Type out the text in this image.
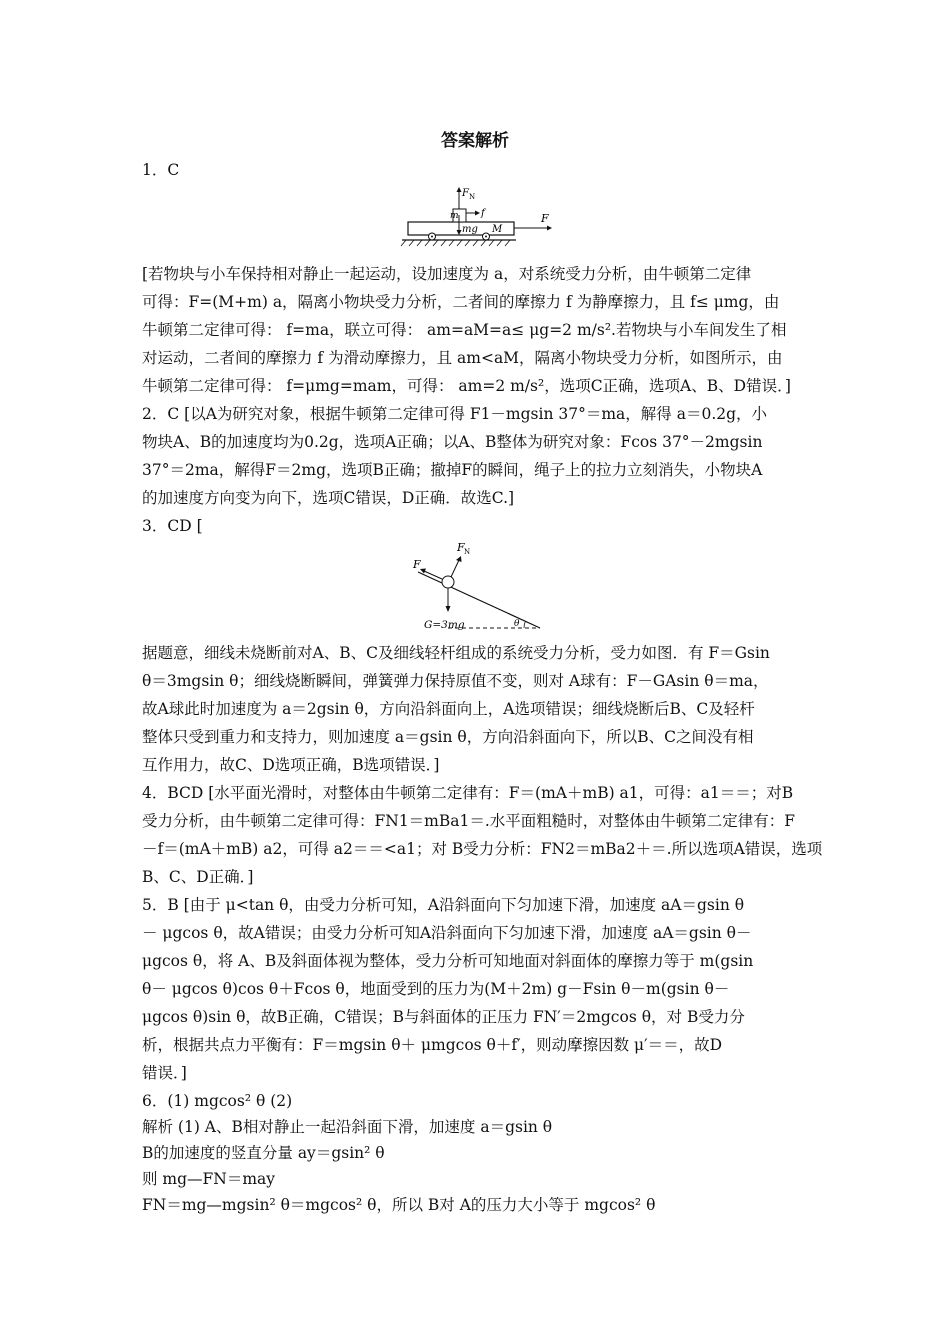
答案解析
F N
f
m
mg M
F
F
F N
G=3mg	θ
1．C
[若物块与小车保持相对静止一起运动，设加速度为 a，对系统受力分析，由牛顿第二定律
可得：F=(M+m) a，隔离小物块受力分析，二者间的摩擦力 f 为静摩擦力，且 f≤ μmg，由
牛顿第二定律可得： f=ma，联立可得： am=aM=a≤ μg=2 m/s².若物块与小车间发生了相
对运动，二者间的摩擦力 f 为滑动摩擦力，且 am<aM，隔离小物块受力分析，如图所示，由
牛顿第二定律可得： f=μmg=mam，可得： am=2 m/s²，选项C正确，选项A、B、D错误．]
2．C [以A为研究对象，根据牛顿第二定律可得 F1－mgsin 37°＝ma，解得 a＝0.2g，小
物块A、B的加速度均为0.2g，选项A正确；以A、B整体为研究对象：Fcos 37°－2mgsin
37°＝2ma，解得F＝2mg，选项B正确；撤掉F的瞬间，绳子上的拉力立刻消失，小物块A
的加速度方向变为向下，选项C错误，D正确．故选C.]
3．CD [
据题意，细线未烧断前对A、B、C及细线轻杆组成的系统受力分析，受力如图．有 F＝Gsin
θ＝3mgsin θ；细线烧断瞬间，弹簧弹力保持原值不变，则对 A球有：F－GAsin θ＝ma，
故A球此时加速度为 a＝2gsin θ，方向沿斜面向上，A选项错误；细线烧断后B、C及轻杆
整体只受到重力和支持力，则加速度 a＝gsin θ，方向沿斜面向下，所以B、C之间没有相
互作用力，故C、D选项正确，B选项错误．]
4．BCD [水平面光滑时，对整体由牛顿第二定律有：F＝(mA＋mB) a1，可得：a1＝＝；对B
受力分析，由牛顿第二定律可得：FN1＝mBa1＝.水平面粗糙时，对整体由牛顿第二定律有：F
－f＝(mA＋mB) a2，可得 a2＝＝<a1；对 B受力分析：FN2＝mBa2＋＝.所以选项A错误，选项
B、C、D正确．]
5．B [由于 μ<tan θ，由受力分析可知，A沿斜面向下匀加速下滑，加速度 aA＝gsin θ
－ μgcos θ，故A错误；由受力分析可知A沿斜面向下匀加速下滑，加速度 aA＝gsin θ－
μgcos θ，将 A、B及斜面体视为整体，受力分析可知地面对斜面体的摩擦力等于 m(gsin
θ－ μgcos θ)cos θ＋Fcos θ，地面受到的压力为(M＋2m) g－Fsin θ－m(gsin θ－
μgcos θ)sin θ，故B正确，C错误；B与斜面体的正压力 FN′＝2mgcos θ，对 B受力分
析，根据共点力平衡有：F＝mgsin θ＋ μmgcos θ＋f′，则动摩擦因数 μ′＝＝，故D
错误．]
6．(1) mgcos² θ (2)
解析 (1) A、B相对静止一起沿斜面下滑，加速度 a＝gsin θ
B的加速度的竖直分量 ay＝gsin² θ
则 mg—FN＝may
FN＝mg—mgsin² θ＝mgcos² θ，所以 B对 A的压力大小等于 mgcos² θ
